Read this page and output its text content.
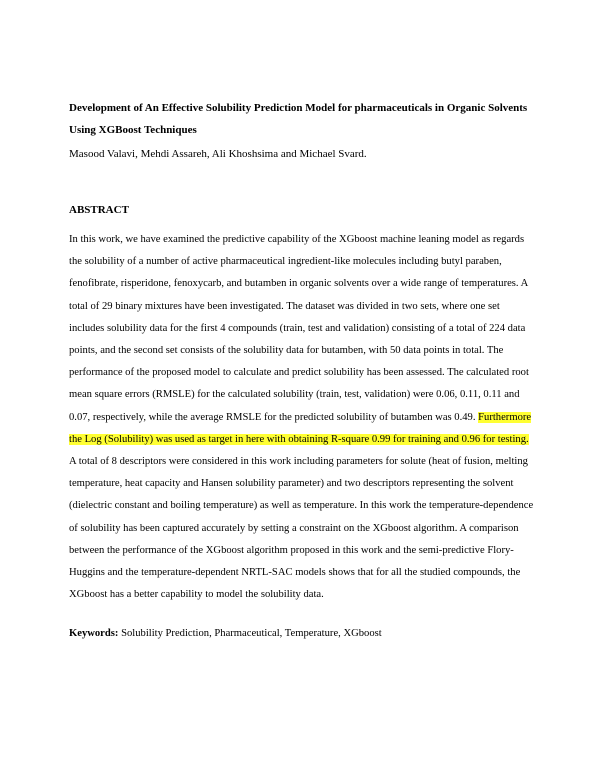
Development of An Effective Solubility Prediction Model for pharmaceuticals in Organic Solvents Using XGBoost Techniques

Masood Valavi, Mehdi Assareh, Ali Khoshsima and Michael Svard.

ABSTRACT

In this work, we have examined the predictive capability of the XGboost machine leaning model as regards the solubility of a number of active pharmaceutical ingredient-like molecules including butyl paraben, fenofibrate, risperidone, fenoxycarb, and butamben in organic solvents over a wide range of temperatures. A total of 29 binary mixtures have been investigated. The dataset was divided in two sets, where one set includes solubility data for the first 4 compounds (train, test and validation) consisting of a total of 224 data points, and the second set consists of the solubility data for butamben, with 50 data points in total. The performance of the proposed model to calculate and predict solubility has been assessed. The calculated root mean square errors (RMSLE) for the calculated solubility (train, test, validation) were 0.06, 0.11, 0.11 and 0.07, respectively, while the average RMSLE for the predicted solubility of butamben was 0.49. Furthermore the Log (Solubility) was used as target in here with obtaining R-square 0.99 for training and 0.96 for testing. A total of 8 descriptors were considered in this work including parameters for solute (heat of fusion, melting temperature, heat capacity and Hansen solubility parameter) and two descriptors representing the solvent (dielectric constant and boiling temperature) as well as temperature. In this work the temperature-dependence of solubility has been captured accurately by setting a constraint on the XGboost algorithm. A comparison between the performance of the XGboost algorithm proposed in this work and the semi-predictive Flory-Huggins and the temperature-dependent NRTL-SAC models shows that for all the studied compounds, the XGboost has a better capability to model the solubility data.

Keywords: Solubility Prediction, Pharmaceutical, Temperature, XGboost
